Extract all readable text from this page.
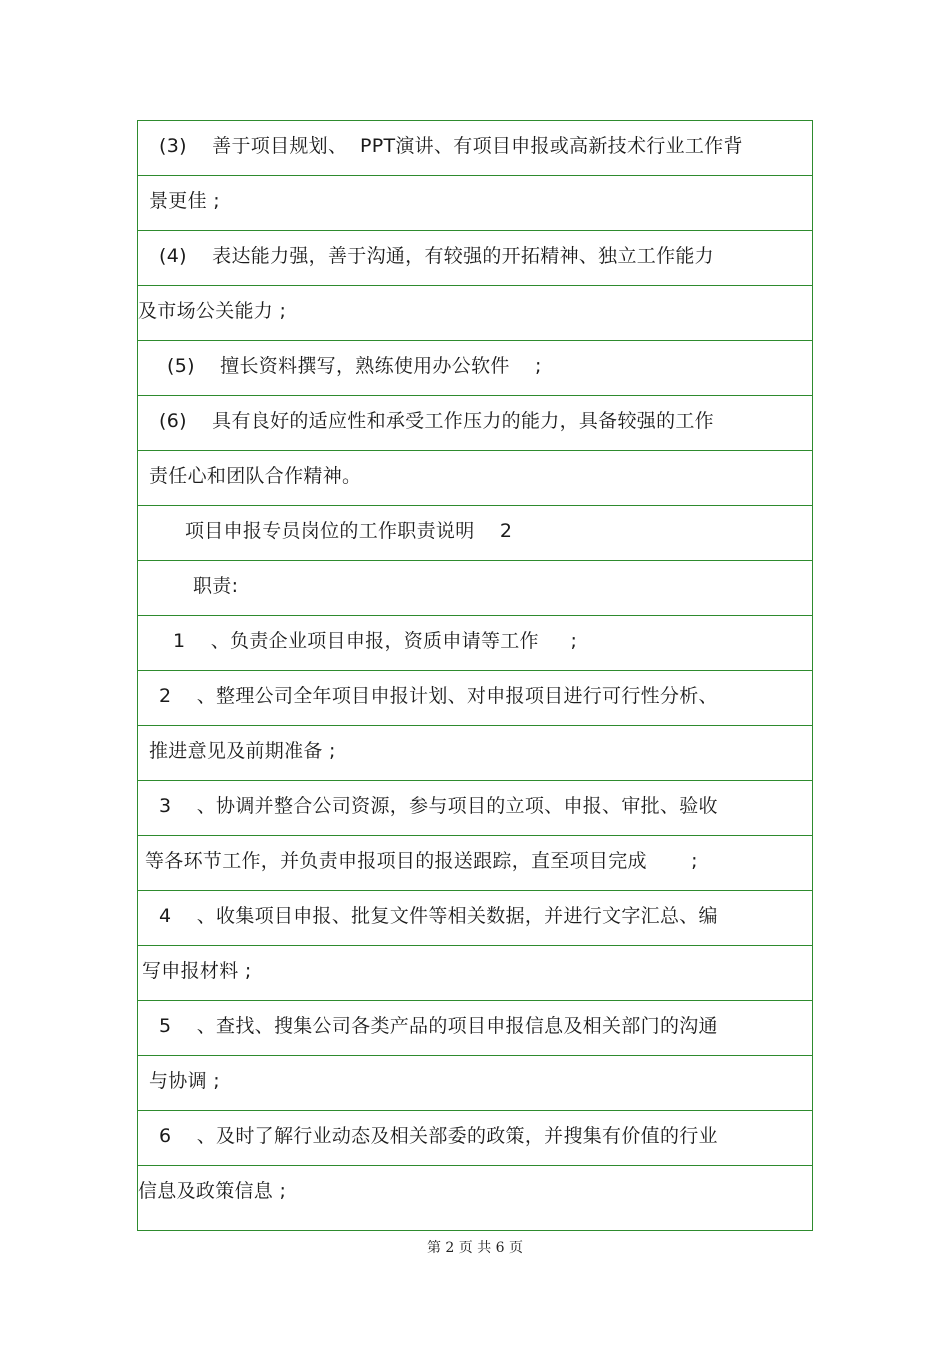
(3)    善于项目规划、  PPT演讲、有项目申报或高新技术行业工作背
景更佳 ;
(4)    表达能力强，善于沟通，有较强的开拓精神、独立工作能力
及市场公关能力 ;
(5)    擅长资料撰写，熟练使用办公软件    ;
(6)    具有良好的适应性和承受工作压力的能力，具备较强的工作
责任心和团队合作精神。
项目申报专员岗位的工作职责说明    2
职责:
1    、负责企业项目申报，资质申请等工作     ;
2    、整理公司全年项目申报计划、对申报项目进行可行性分析、
推进意见及前期准备 ;
3    、协调并整合公司资源，参与项目的立项、申报、审批、验收
等各环节工作，并负责申报项目的报送跟踪，直至项目完成       ;
4    、收集项目申报、批复文件等相关数据，并进行文字汇总、编
写申报材料 ;
5    、查找、搜集公司各类产品的项目申报信息及相关部门的沟通
与协调 ;
6    、及时了解行业动态及相关部委的政策，并搜集有价值的行业
信息及政策信息 ;
第 2 页 共 6 页
